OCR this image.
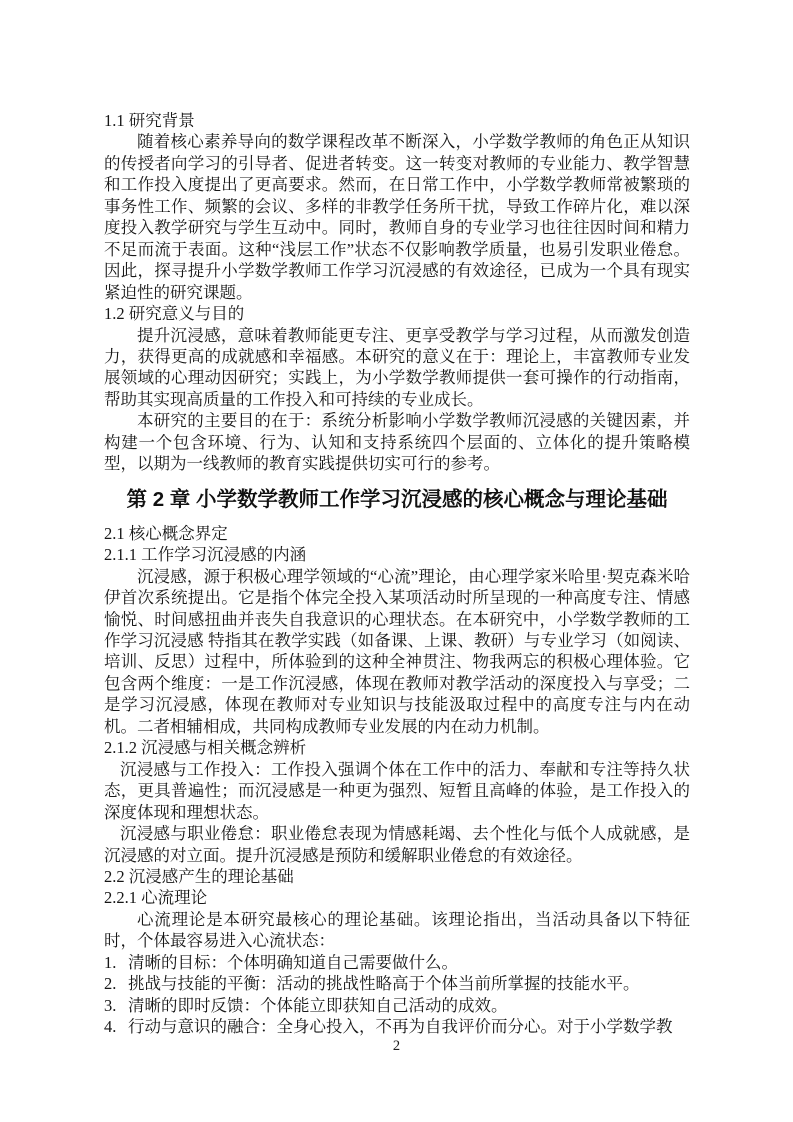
1.1 研究背景

随着核心素养导向的数学课程改革不断深入，小学数学教师的角色正从知识的传授者向学习的引导者、促进者转变。这一转变对教师的专业能力、教学智慧和工作投入度提出了更高要求。然而，在日常工作中，小学数学教师常被繁琐的事务性工作、频繁的会议、多样的非教学任务所干扰，导致工作碎片化，难以深度投入教学研究与学生互动中。同时，教师自身的专业学习也往往因时间和精力不足而流于表面。这种“浅层工作”状态不仅影响教学质量，也易引发职业倦怠。因此，探寻提升小学数学教师工作学习沉浸感的有效途径，已成为一个具有现实紧迫性的研究课题。

1.2 研究意义与目的

提升沉浸感，意味着教师能更专注、更享受教学与学习过程，从而激发创造力，获得更高的成就感和幸福感。本研究的意义在于：理论上，丰富教师专业发展领域的心理动因研究；实践上，为小学数学教师提供一套可操作的行动指南，帮助其实现高质量的工作投入和可持续的专业成长。

本研究的主要目的在于：系统分析影响小学数学教师沉浸感的关键因素，并构建一个包含环境、行为、认知和支持系统四个层面的、立体化的提升策略模型，以期为一线教师的教育实践提供切实可行的参考。

第 2 章 小学数学教师工作学习沉浸感的核心概念与理论基础
2.1 核心概念界定
2.1.1 工作学习沉浸感的内涵

沉浸感，源于积极心理学领域的“心流”理论，由心理学家米哈里·契克森米哈伊首次系统提出。它是指个体完全投入某项活动时所呈现的一种高度专注、情感愉悦、时间感扭曲并丧失自我意识的心理状态。在本研究中，小学数学教师的工作学习沉浸感 特指其在教学实践（如备课、上课、教研）与专业学习（如阅读、培训、反思）过程中，所体验到的这种全神贯注、物我两忘的积极心理体验。它包含两个维度：一是工作沉浸感，体现在教师对教学活动的深度投入与享受；二是学习沉浸感，体现在教师对专业知识与技能汲取过程中的高度专注与内在动机。二者相辅相成，共同构成教师专业发展的内在动力机制。

2.1.2 沉浸感与相关概念辨析

沉浸感与工作投入：工作投入强调个体在工作中的活力、奉献和专注等持久状态，更具普遍性；而沉浸感是一种更为强烈、短暂且高峰的体验，是工作投入的深度体现和理想状态。

沉浸感与职业倦怠：职业倦怠表现为情感耗竭、去个性化与低个人成就感，是沉浸感的对立面。提升沉浸感是预防和缓解职业倦怠的有效途径。

2.2 沉浸感产生的理论基础
2.2.1 心流理论

心流理论是本研究最核心的理论基础。该理论指出，当活动具备以下特征时，个体最容易进入心流状态：

1. 清晰的目标：个体明确知道自己需要做什么。
2. 挑战与技能的平衡：活动的挑战性略高于个体当前所掌握的技能水平。
3. 清晰的即时反馈：个体能立即获知自己活动的成效。
4. 行动与意识的融合：全身心投入，不再为自我评价而分心。对于小学数学教
2
